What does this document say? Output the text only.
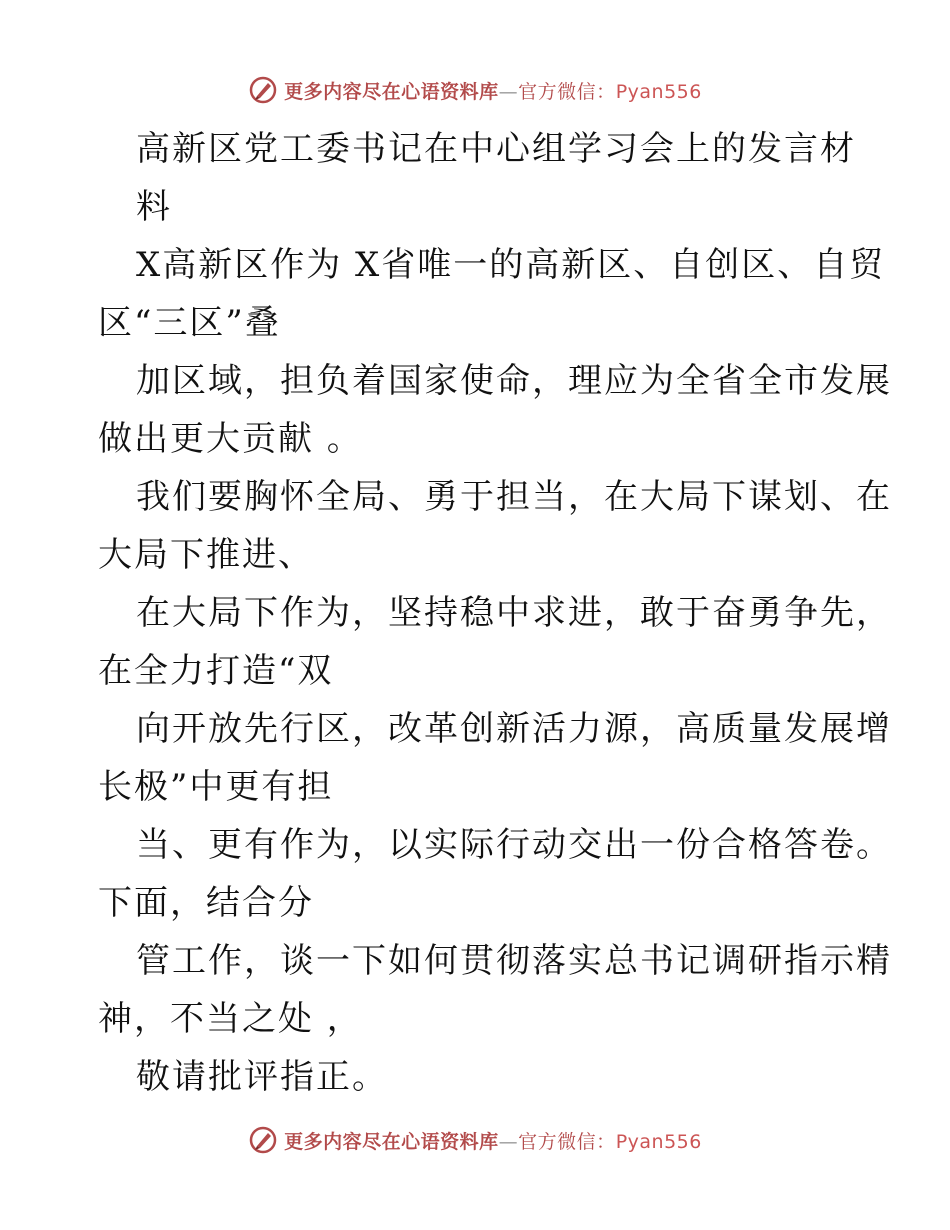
更多内容尽在心语资料库—官方微信：Pyan556
高新区党工委书记在中心组学习会上的发言材
料
X高新区作为 X省唯一的高新区、自创区、自贸
区“三区”叠
加区域，担负着国家使命，理应为全省全市发展
做出更大贡献 。
我们要胸怀全局、勇于担当，在大局下谋划、在
大局下推进、
在大局下作为，坚持稳中求进，敢于奋勇争先，
在全力打造“双
向开放先行区，改革创新活力源，高质量发展增
长极”中更有担
当、更有作为，以实际行动交出一份合格答卷。
下面，结合分
管工作，谈一下如何贯彻落实总书记调研指示精
神，不当之处 ，
敬请批评指正。
更多内容尽在心语资料库—官方微信：Pyan556
